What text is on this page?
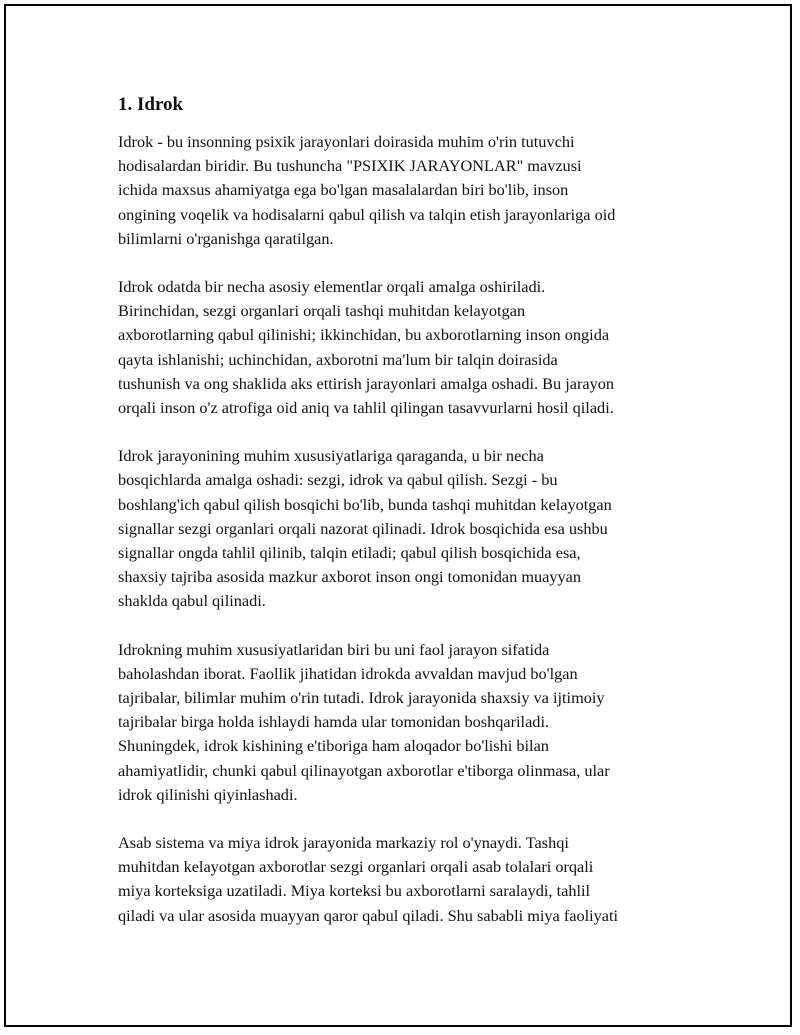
1. Idrok
Idrok - bu insonning psixik jarayonlari doirasida muhim o'rin tutuvchi
hodisalardan biridir. Bu tushuncha "PSIXIK JARAYONLAR" mavzusi
ichida maxsus ahamiyatga ega bo'lgan masalalardan biri bo'lib, inson
ongining voqelik va hodisalarni qabul qilish va talqin etish jarayonlariga oid
bilimlarni o'rganishga qaratilgan.
Idrok odatda bir necha asosiy elementlar orqali amalga oshiriladi.
Birinchidan, sezgi organlari orqali tashqi muhitdan kelayotgan
axborotlarning qabul qilinishi; ikkinchidan, bu axborotlarning inson ongida
qayta ishlanishi; uchinchidan, axborotni ma'lum bir talqin doirasida
tushunish va ong shaklida aks ettirish jarayonlari amalga oshadi. Bu jarayon
orqali inson o'z atrofiga oid aniq va tahlil qilingan tasavvurlarni hosil qiladi.
Idrok jarayonining muhim xususiyatlariga qaraganda, u bir necha
bosqichlarda amalga oshadi: sezgi, idrok va qabul qilish. Sezgi - bu
boshlang'ich qabul qilish bosqichi bo'lib, bunda tashqi muhitdan kelayotgan
signallar sezgi organlari orqali nazorat qilinadi. Idrok bosqichida esa ushbu
signallar ongda tahlil qilinib, talqin etiladi; qabul qilish bosqichida esa,
shaxsiy tajriba asosida mazkur axborot inson ongi tomonidan muayyan
shaklda qabul qilinadi.
Idrokning muhim xususiyatlaridan biri bu uni faol jarayon sifatida
baholashdan iborat. Faollik jihatidan idrokda avvaldan mavjud bo'lgan
tajribalar, bilimlar muhim o'rin tutadi. Idrok jarayonida shaxsiy va ijtimoiy
tajribalar birga holda ishlaydi hamda ular tomonidan boshqariladi.
Shuningdek, idrok kishining e'tiboriga ham aloqador bo'lishi bilan
ahamiyatlidir, chunki qabul qilinayotgan axborotlar e'tiborga olinmasa, ular
idrok qilinishi qiyinlashadi.
Asab sistema va miya idrok jarayonida markaziy rol o'ynaydi. Tashqi
muhitdan kelayotgan axborotlar sezgi organlari orqali asab tolalari orqali
miya korteksiga uzatiladi. Miya korteksi bu axborotlarni saralaydi, tahlil
qiladi va ular asosida muayyan qaror qabul qiladi. Shu sababli miya faoliyati
